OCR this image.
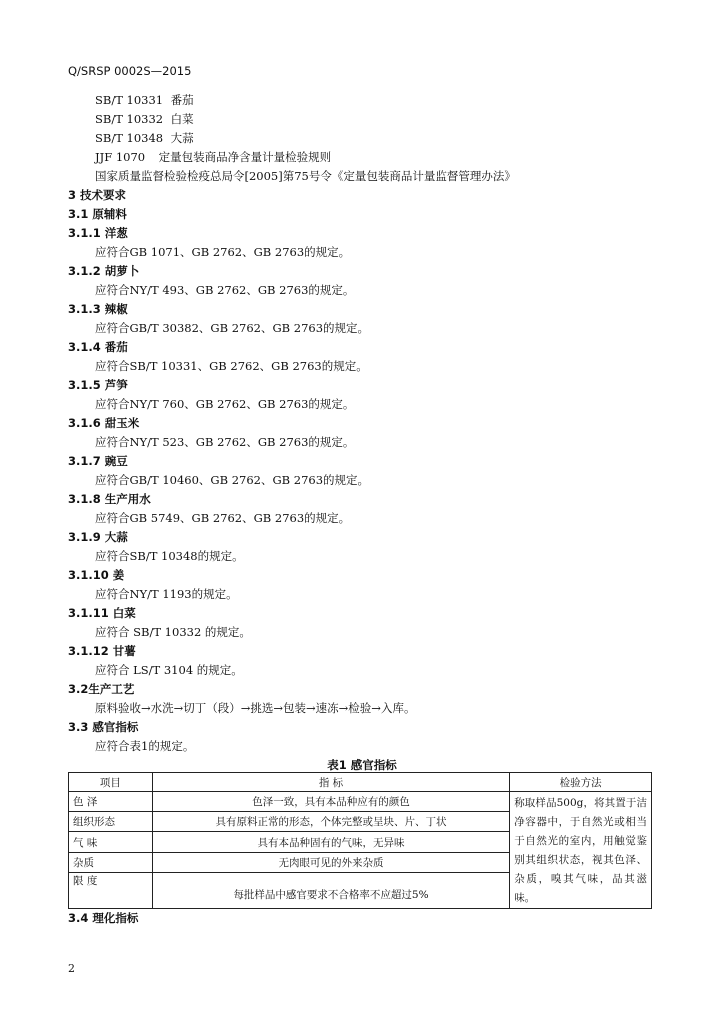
Q/SRSP 0002S—2015
SB/T 10331 番茄
SB/T 10332 白菜
SB/T 10348 大蒜
JJF 1070 定量包装商品净含量计量检验规则
国家质量监督检验检疫总局令[2005]第75号令《定量包装商品计量监督管理办法》
3 技术要求
3.1 原辅料
3.1.1 洋葱
应符合GB 1071、GB 2762、GB 2763的规定。
3.1.2 胡萝卜
应符合NY/T 493、GB 2762、GB 2763的规定。
3.1.3 辣椒
应符合GB/T 30382、GB 2762、GB 2763的规定。
3.1.4 番茄
应符合SB/T 10331、GB 2762、GB 2763的规定。
3.1.5 芦笋
应符合NY/T 760、GB 2762、GB 2763的规定。
3.1.6 甜玉米
应符合NY/T 523、GB 2762、GB 2763的规定。
3.1.7 豌豆
应符合GB/T 10460、GB 2762、GB 2763的规定。
3.1.8 生产用水
应符合GB 5749、GB 2762、GB 2763的规定。
3.1.9 大蒜
应符合SB/T 10348的规定。
3.1.10 姜
应符合NY/T 1193的规定。
3.1.11 白菜
应符合 SB/T 10332 的规定。
3.1.12 甘薯
应符合 LS/T 3104 的规定。
3.2生产工艺
原料验收→水洗→切丁（段）→挑选→包装→速冻→检验→入库。
3.3 感官指标
应符合表1的规定。
表1 感官指标
项目	指 标	检验方法
色 泽	色泽一致，具有本品种应有的颜色	称取样品500g，将其置于洁净容器中，于自然光或相当于自然光的室内，用触觉鉴别其组织状态，视其色泽、杂质，嗅其气味，品其滋味。
组织形态	具有原料正常的形态，个体完整或呈块、片、丁状	
气 味	具有本品种固有的气味，无异味	
杂质	无肉眼可见的外来杂质	
限 度	每批样品中感官要求不合格率不应超过5%	
3.4 理化指标
2
